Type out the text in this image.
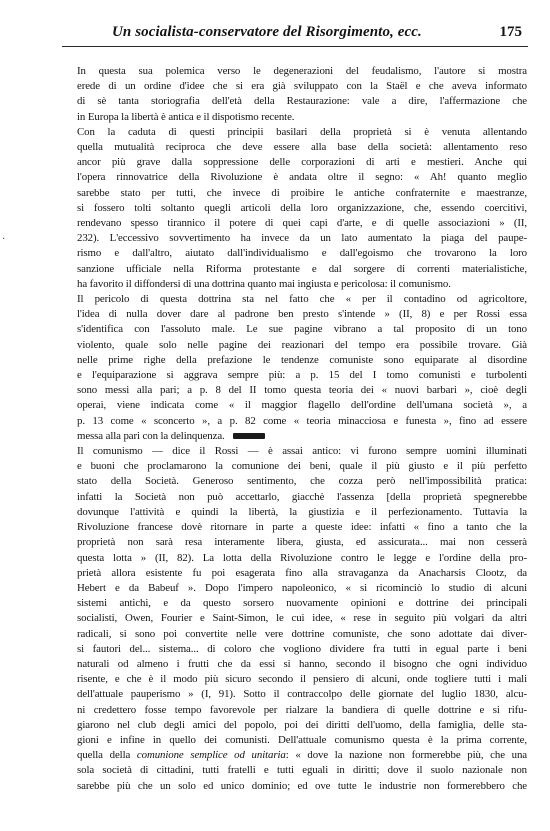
Un socialista-conservatore del Risorgimento, ecc.	175
·

In questa sua polemica verso le degenerazioni del feudalismo, l'autore si mostra
erede di un ordine d'idee che si era già sviluppato con la Staël e che aveva informato
di sè tanta storiografia dell'età della Restaurazione: vale a dire, l'affermazione che
in Europa la libertà è antica e il dispotismo recente.

Con la caduta di questi principii basilari della proprietà si è venuta allentando
quella mutualità reciproca che deve essere alla base della società: allentamento reso
ancor più grave dalla soppressione delle corporazioni di arti e mestieri. Anche qui
l'opera rinnovatrice della Rivoluzione è andata oltre il segno: « Ah! quanto meglio
sarebbe stato per tutti, che invece di proibire le antiche confraternite e maestranze,
si fossero tolti soltanto quegli articoli della loro organizzazione, che, essendo coercitivi,
rendevano spesso tirannico il potere di quei capi d'arte, e di quelle associazioni » (II,
232). L'eccessivo sovvertimento ha invece da un lato aumentato la piaga del paupe-
rismo e dall'altro, aiutato dall'individualismo e dall'egoismo che trovarono la loro
sanzione ufficiale nella Riforma protestante e dal sorgere di correnti materialistiche,
ha favorito il diffondersi di una dottrina quanto mai ingiusta e pericolosa: il comunismo.

Il pericolo di questa dottrina sta nel fatto che « per il contadino od agricoltore,
l'idea di nulla dover dare al padrone ben presto s'intende » (II, 8) e per Rossi essa
s'identifica con l'assoluto male. Le sue pagine vibrano a tal proposito di un tono
violento, quale solo nelle pagine dei reazionari del tempo era possibile trovare. Già
nelle prime righe della prefazione le tendenze comuniste sono equiparate al disordine
e l'equiparazione si aggrava sempre più: a p. 15 del I tomo comunisti e turbolenti
sono messi alla pari; a p. 8 del II tomo questa teoria dei « nuovi barbari », cioè degli
operai, viene indicata come « il maggior flagello dell'ordine dell'umana società », a
p. 13 come « sconcerto », a p. 82 come « teoria minacciosa e funesta », fino ad essere
messa alla pari con la delinquenza.

Il comunismo — dice il Rossi — è assai antico: vi furono sempre uomini illuminati
e buoni che proclamarono la comunione dei beni, quale il più giusto e il più perfetto
stato della Società. Generoso sentimento, che cozza però nell'impossibilità pratica:
infatti la Società non può accettarlo, giacchè l'assenza [della proprietà spegnerebbe
dovunque l'attività e quindi la libertà, la giustizia e il perfezionamento. Tuttavia la
Rivoluzione francese dovè ritornare in parte a queste idee: infatti « fino a tanto che la
proprietà non sarà resa interamente libera, giusta, ed assicurata... mai non cesserà
questa lotta » (II, 82). La lotta della Rivoluzione contro le legge e l'ordine della pro-
prietà allora esistente fu poi esagerata fino alla stravaganza da Anacharsis Clootz, da
Hebert e da Babeuf ». Dopo l'impero napoleonico, « si ricominciò lo studio di alcuni
sistemi antichi, e da questo sorsero nuovamente opinioni e dottrine dei principali
socialisti, Owen, Fourier e Saint-Simon, le cui idee, « rese in seguito più volgari da altri
radicali, si sono poi convertite nelle vere dottrine comuniste, che sono adottate dai diver-
si fautori del... sistema... di coloro che vogliono dividere fra tutti in egual parte i beni
naturali od almeno i frutti che da essi si hanno, secondo il bisogno che ogni individuo
risente, e che è il modo più sicuro secondo il pensiero di alcuni, onde togliere tutti i mali
dell'attuale pauperismo » (I, 91). Sotto il contraccolpo delle giornate del luglio 1830, alcu-
ni credettero fosse tempo favorevole per rialzare la bandiera di quelle dottrine e si rifu-
giarono nel club degli amici del popolo, poi dei diritti dell'uomo, della famiglia, delle sta-
gioni e infine in quello dei comunisti. Dell'attuale comunismo questa è la prima corrente,
quella della comunione semplice od unitaria: « dove la nazione non formerebbe più, che una
sola società di cittadini, tutti fratelli e tutti eguali in diritti; dove il suolo nazionale non
sarebbe più che un solo ed unico dominio; ed ove tutte le industrie non formerebbero che
